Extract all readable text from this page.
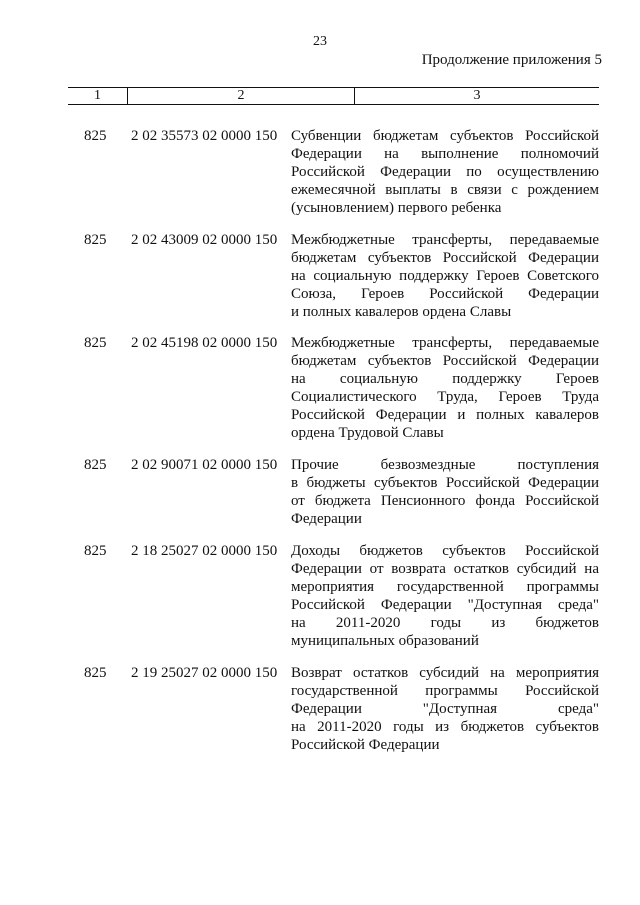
23
Продолжение приложения 5
1	2	3
825 2 02 35573 02 0000 150 Субвенции бюджетам субъектов Российской
Федерации на выполнение полномочий
Российской Федерации по осуществлению
ежемесячной выплаты в связи с рождением
(усыновлением) первого ребенка
825 2 02 43009 02 0000 150 Межбюджетные трансферты, передаваемые
бюджетам субъектов Российской Федерации
на социальную поддержку Героев Советского
Союза, Героев Российской Федерации
и полных кавалеров ордена Славы
825 2 02 45198 02 0000 150 Межбюджетные трансферты, передаваемые
бюджетам субъектов Российской Федерации
на социальную поддержку Героев
Социалистического Труда, Героев Труда
Российской Федерации и полных кавалеров
ордена Трудовой Славы
825 2 02 90071 02 0000 150 Прочие безвозмездные поступления
в бюджеты субъектов Российской Федерации
от бюджета Пенсионного фонда Российской
Федерации
825 2 18 25027 02 0000 150 Доходы бюджетов субъектов Российской
Федерации от возврата остатков субсидий на
мероприятия государственной программы
Российской Федерации "Доступная среда"
на 2011-2020 годы из бюджетов
муниципальных образований
825 2 19 25027 02 0000 150 Возврат остатков субсидий на мероприятия
государственной программы Российской
Федерации "Доступная среда"
на 2011-2020 годы из бюджетов субъектов
Российской Федерации
